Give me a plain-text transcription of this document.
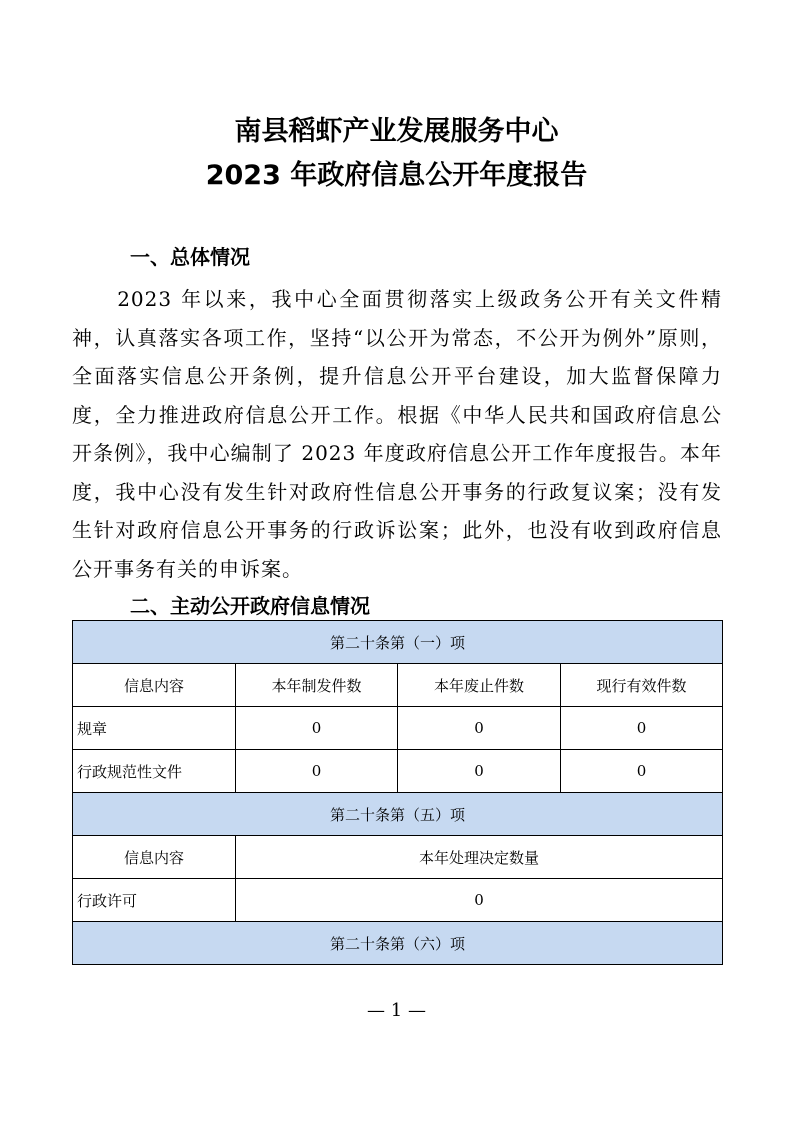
南县稻虾产业发展服务中心
2023 年政府信息公开年度报告
一、总体情况

　　2023 年以来，我中心全面贯彻落实上级政务公开有关文件精神，认真落实各项工作，坚持“以公开为常态，不公开为例外”原则，全面落实信息公开条例，提升信息公开平台建设，加大监督保障力度，全力推进政府信息公开工作。根据《中华人民共和国政府信息公开条例》，我中心编制了 2023 年度政府信息公开工作年度报告。本年度，我中心没有发生针对政府性信息公开事务的行政复议案；没有发生针对政府信息公开事务的行政诉讼案；此外，也没有收到政府信息公开事务有关的申诉案。

二、主动公开政府信息情况
第二十条第（一）项			
信息内容	本年制发件数	本年废止件数	现行有效件数
规章	0	0	0
行政规范性文件	0	0	0
第二十条第（五）项			
信息内容	本年处理决定数量		
行政许可	0		
第二十条第（六）项			

— 1 —
